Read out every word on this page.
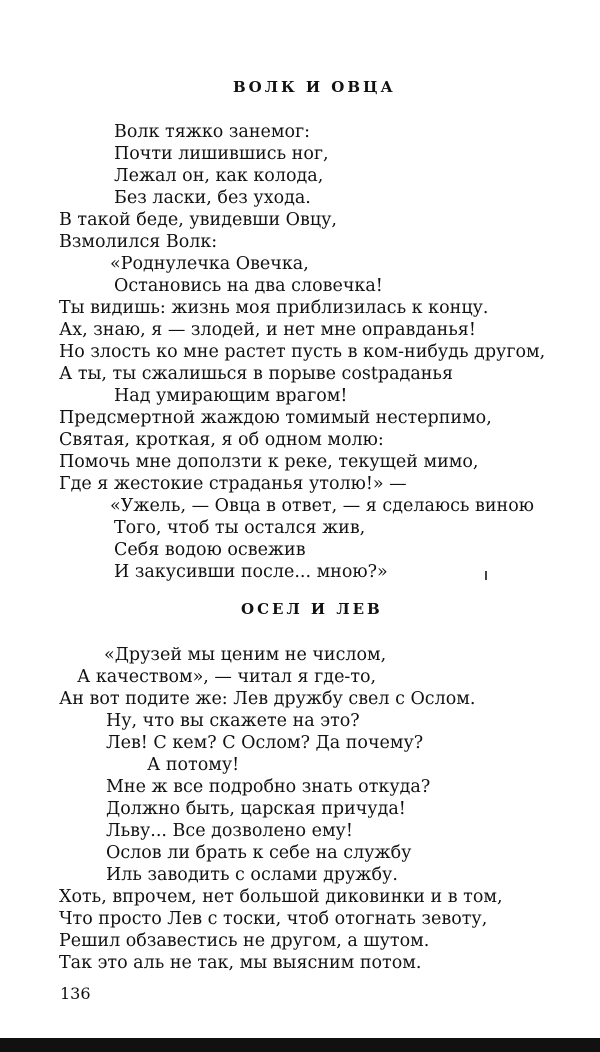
ВОЛК И ОВЦА
Волк тяжко занемог:
Почти лишившись ног,
Лежал он, как колода,
Без ласки, без ухода.
В такой беде, увидевши Овцу,
Взмолился Волк:
«Роднулечка Овечка,
Остановись на два словечка!
Ты видишь: жизнь моя приблизилась к концу.
Ах, знаю, я — злодей, и нет мне оправданья!
Но злость ко мне растет пусть в ком-нибудь другом,
А ты, ты сжалишься в порыве сostраданья
Над умирающим врагом!
Предсмертной жаждою томимый нестерпимо,
Святая, кроткая, я об одном молю:
Помочь мне доползти к реке, текущей мимо,
Где я жестокие страданья утолю!» —
«Ужель, — Овца в ответ, — я сделаюсь виною
Того, чтоб ты остался жив,
Себя водою освежив
И закусивши после... мною?»
ОСЕЛ И ЛЕВ
«Друзей мы ценим не числом,
А качеством», — читал я где-то,
Ан вот подите же: Лев дружбу свел с Ослом.
Ну, что вы скажете на это?
Лев! С кем? С Ослом? Да почему?
А потому!
Мне ж все подробно знать откуда?
Должно быть, царская причуда!
Льву... Все дозволено ему!
Ослов ли брать к себе на службу
Иль заводить с ослами дружбу.
Хоть, впрочем, нет большой диковинки и в том,
Что просто Лев с тоски, чтоб отогнать зевоту,
Решил обзавестись не другом, а шутом.
Так это аль не так, мы выясним потом.
136
